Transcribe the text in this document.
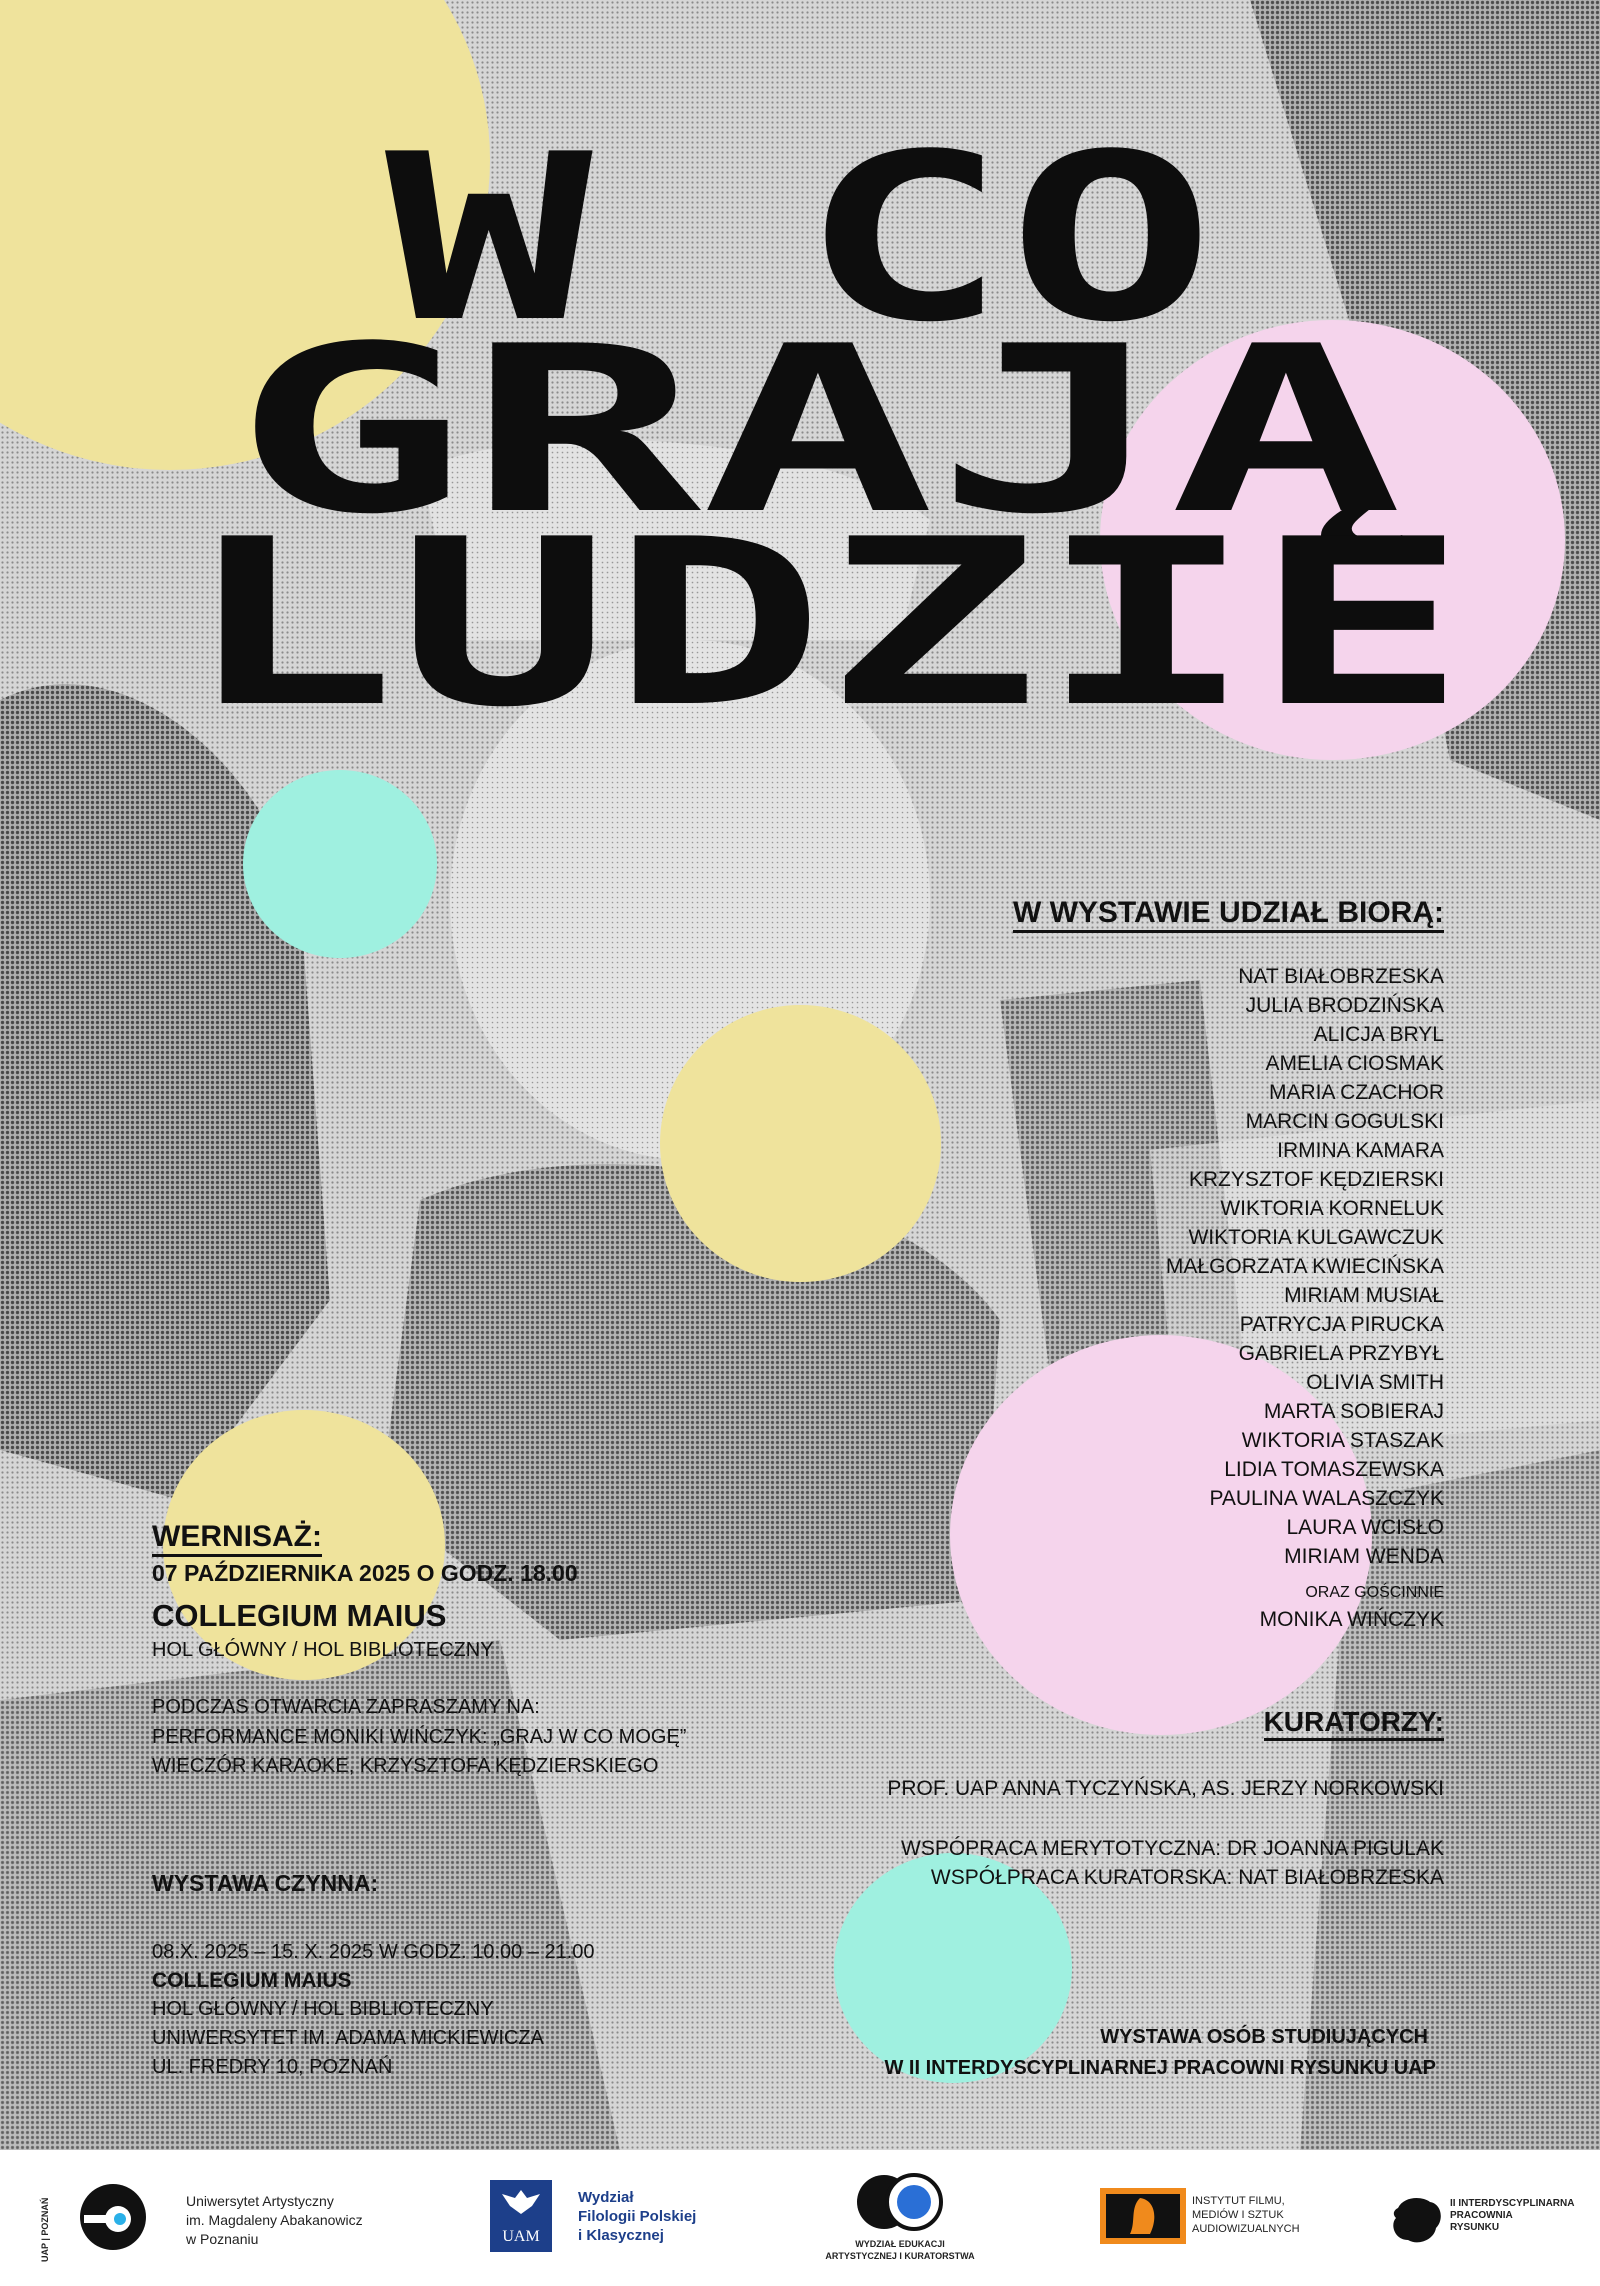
W CO
GRAJĄ
LUDZIE
W WYSTAWIE UDZIAŁ BIORĄ:
NAT BIAŁOBRZESKA
JULIA BRODZIŃSKA
ALICJA BRYL
AMELIA CIOSMAK
MARIA CZACHOR
MARCIN GOGULSKI
IRMINA KAMARA
KRZYSZTOF KĘDZIERSKI
WIKTORIA KORNELUK
WIKTORIA KULGAWCZUK
MAŁGORZATA KWIECIŃSKA
MIRIAM MUSIAŁ
PATRYCJA PIRUCKA
GABRIELA PRZYBYŁ
OLIVIA SMITH
MARTA SOBIERAJ
WIKTORIA STASZAK
LIDIA TOMASZEWSKA
PAULINA WALASZCZYK
LAURA WCISŁO
MIRIAM WENDA
ORAZ GOŚCINNIE
MONIKA WIŃCZYK
KURATORZY:
PROF. UAP ANNA TYCZYŃSKA, AS. JERZY NORKOWSKI
WSPÓPRACA MERYTOTYCZNA: DR JOANNA PIGULAK
WSPÓŁPRACA KURATORSKA: NAT BIAŁOBRZESKA
WERNISAŻ:
07 PAŹDZIERNIKA 2025 O GODZ. 18.00
COLLEGIUM MAIUS
HOL GŁÓWNY / HOL BIBLIOTECZNY
PODCZAS OTWARCIA ZAPRASZAMY NA:
PERFORMANCE MONIKI WIŃCZYK: „GRAJ W CO MOGĘ”
WIECZÓR KARAOKE, KRZYSZTOFA KĘDZIERSKIEGO
WYSTAWA CZYNNA:
08.X. 2025 – 15. X. 2025 W GODZ. 10.00 – 21.00
COLLEGIUM MAIUS
HOL GŁÓWNY / HOL BIBLIOTECZNY
UNIWERSYTET IM. ADAMA MICKIEWICZA
UL. FREDRY 10, POZNAŃ
WYSTAWA OSÓB STUDIUJĄCYCH
W II INTERDYSCYPLINARNEJ PRACOWNI RYSUNKU UAP
UAP | POZNAŃ	Uniwersytet Artystyczny
im. Magdaleny Abakanowicz
w Poznaniu	UAM
Wydział
Filologii Polskiej
i Klasycznej	WYDZIAŁ EDUKACJI
ARTYSTYCZNEJ I KURATORSTWA
INSTYTUT FILMU,
MEDIÓW I SZTUK
AUDIOWIZUALNYCH
II INTERDYSCYPLINARNA
PRACOWNIA
RYSUNKU
